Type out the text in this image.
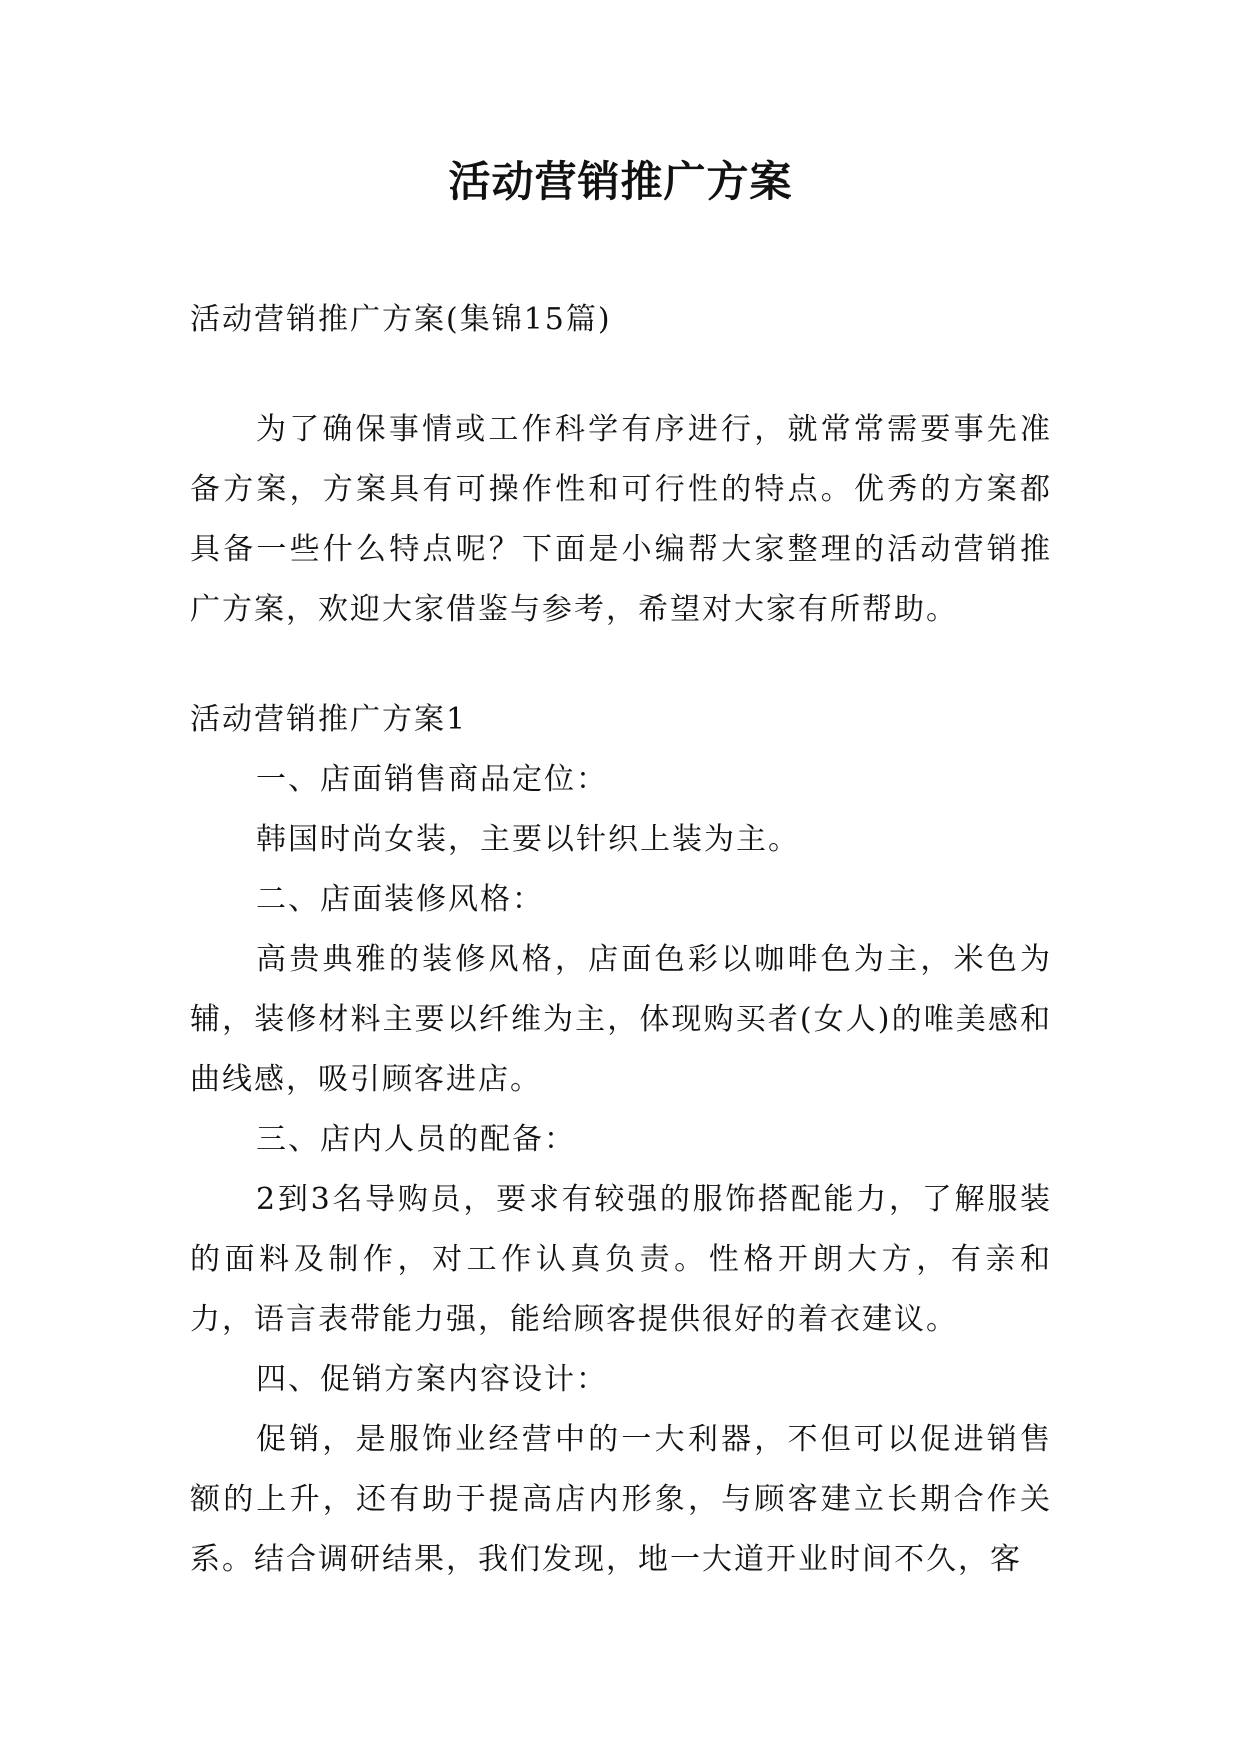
活动营销推广方案

活动营销推广方案(集锦15篇)

为了确保事情或工作科学有序进行，就常常需要事先准备方案，方案具有可操作性和可行性的特点。优秀的方案都具备一些什么特点呢？下面是小编帮大家整理的活动营销推广方案，欢迎大家借鉴与参考，希望对大家有所帮助。

活动营销推广方案1

一、店面销售商品定位：

韩国时尚女装，主要以针织上装为主。

二、店面装修风格：

高贵典雅的装修风格，店面色彩以咖啡色为主，米色为辅，装修材料主要以纤维为主，体现购买者(女人)的唯美感和曲线感，吸引顾客进店。

三、店内人员的配备：

2到3名导购员，要求有较强的服饰搭配能力，了解服装的面料及制作，对工作认真负责。性格开朗大方，有亲和力，语言表带能力强，能给顾客提供很好的着衣建议。

四、促销方案内容设计：

促销，是服饰业经营中的一大利器，不但可以促进销售额的上升，还有助于提高店内形象，与顾客建立长期合作关系。结合调研结果，我们发现，地一大道开业时间不久，客
